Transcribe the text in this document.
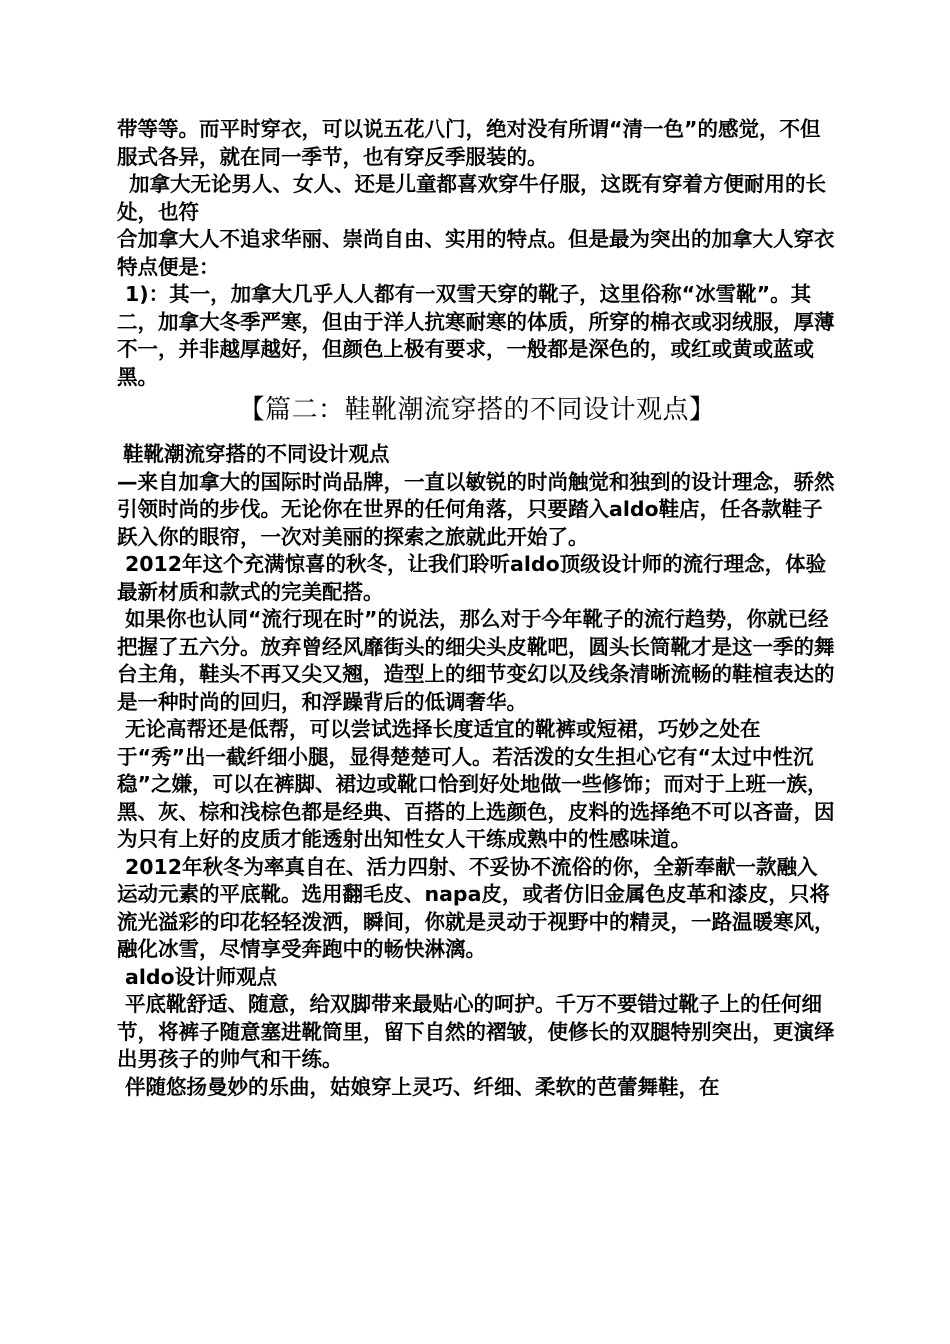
带等等。而平时穿衣，可以说五花八门，绝对没有所谓“清一色”的感觉，不但服式各异，就在同一季节，也有穿反季服装的。

加拿大无论男人、女人、还是儿童都喜欢穿牛仔服，这既有穿着方便耐用的长处，也符

合加拿大人不追求华丽、崇尚自由、实用的特点。但是最为突出的加拿大人穿衣特点便是：

1)：其一，加拿大几乎人人都有一双雪天穿的靴子，这里俗称“冰雪靴”。其二，加拿大冬季严寒，但由于洋人抗寒耐寒的体质，所穿的棉衣或羽绒服，厚薄不一，并非越厚越好，但颜色上极有要求，一般都是深色的，或红或黄或蓝或黑。

【篇二：鞋靴潮流穿搭的不同设计观点】

鞋靴潮流穿搭的不同设计观点

—来自加拿大的国际时尚品牌，一直以敏锐的时尚触觉和独到的设计理念，骄然引领时尚的步伐。无论你在世界的任何角落，只要踏入aldo鞋店，任各款鞋子跃入你的眼帘，一次对美丽的探索之旅就此开始了。

2012年这个充满惊喜的秋冬，让我们聆听aldo顶级设计师的流行理念，体验最新材质和款式的完美配搭。

如果你也认同“流行现在时”的说法，那么对于今年靴子的流行趋势，你就已经把握了五六分。放弃曾经风靡街头的细尖头皮靴吧，圆头长筒靴才是这一季的舞台主角，鞋头不再又尖又翘，造型上的细节变幻以及线条清晰流畅的鞋楦表达的是一种时尚的回归，和浮躁背后的低调奢华。

无论高帮还是低帮，可以尝试选择长度适宜的靴裤或短裙，巧妙之处在于“秀”出一截纤细小腿，显得楚楚可人。若活泼的女生担心它有“太过中性沉稳”之嫌，可以在裤脚、裙边或靴口恰到好处地做一些修饰；而对于上班一族，黑、灰、棕和浅棕色都是经典、百搭的上选颜色，皮料的选择绝不可以吝啬，因为只有上好的皮质才能透射出知性女人干练成熟中的性感味道。

2012年秋冬为率真自在、活力四射、不妥协不流俗的你，全新奉献一款融入运动元素的平底靴。选用翻毛皮、napa皮，或者仿旧金属色皮革和漆皮，只将流光溢彩的印花轻轻泼洒，瞬间，你就是灵动于视野中的精灵，一路温暖寒风，融化冰雪，尽情享受奔跑中的畅快淋漓。

aldo设计师观点

平底靴舒适、随意，给双脚带来最贴心的呵护。千万不要错过靴子上的任何细节，将裤子随意塞进靴筒里，留下自然的褶皱，使修长的双腿特别突出，更演绎出男孩子的帅气和干练。

伴随悠扬曼妙的乐曲，姑娘穿上灵巧、纤细、柔软的芭蕾舞鞋，在
